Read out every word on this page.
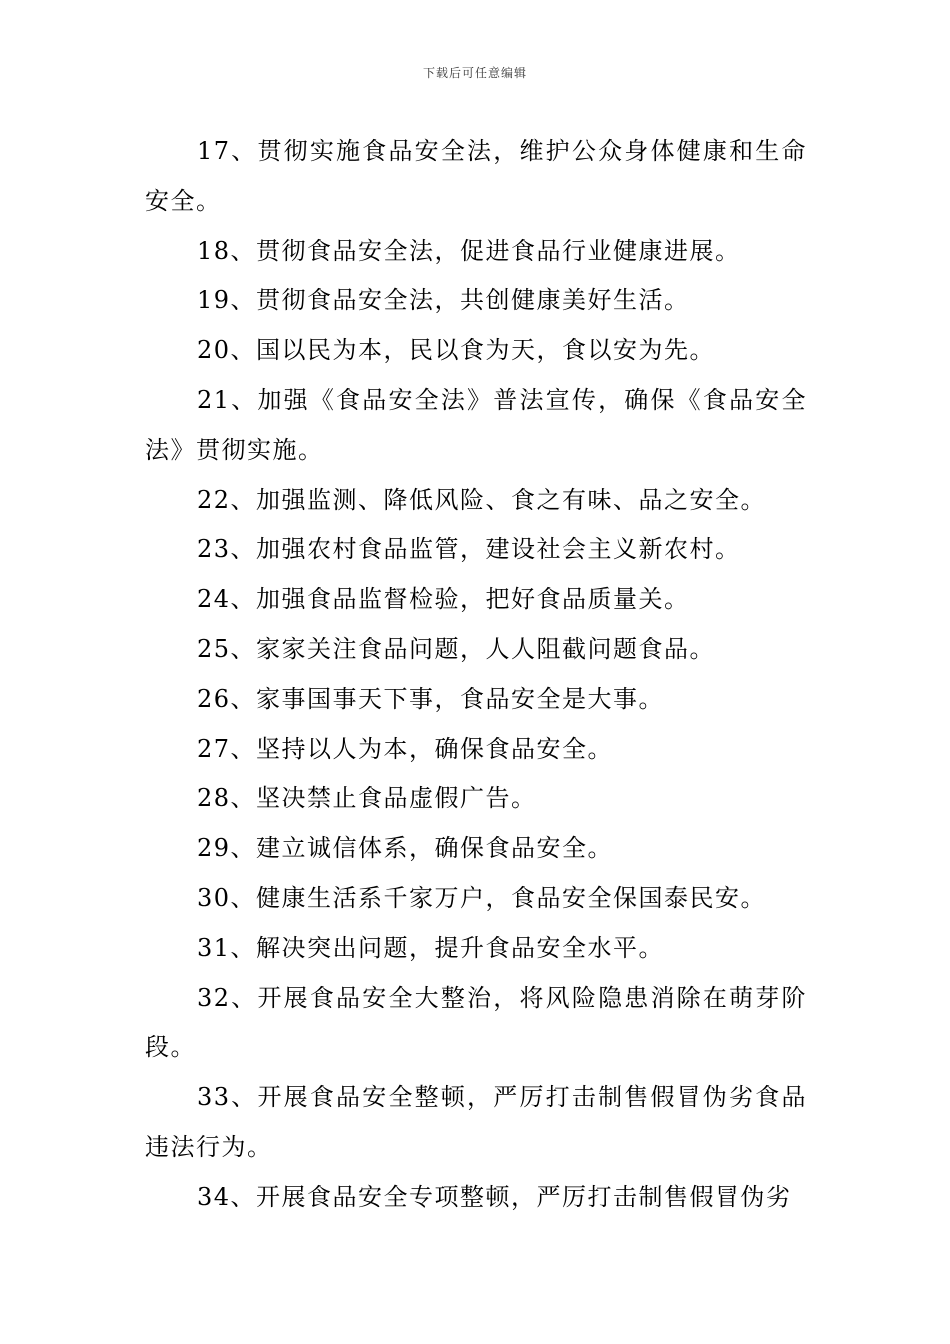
下载后可任意编辑

17、贯彻实施食品安全法，维护公众身体健康和生命安全。

18、贯彻食品安全法，促进食品行业健康进展。

19、贯彻食品安全法，共创健康美好生活。

20、国以民为本，民以食为天，食以安为先。

21、加强《食品安全法》普法宣传，确保《食品安全法》贯彻实施。

22、加强监测、降低风险、食之有味、品之安全。

23、加强农村食品监管，建设社会主义新农村。

24、加强食品监督检验，把好食品质量关。

25、家家关注食品问题，人人阻截问题食品。

26、家事国事天下事，食品安全是大事。

27、坚持以人为本，确保食品安全。

28、坚决禁止食品虚假广告。

29、建立诚信体系，确保食品安全。

30、健康生活系千家万户，食品安全保国泰民安。

31、解决突出问题，提升食品安全水平。

32、开展食品安全大整治，将风险隐患消除在萌芽阶段。

33、开展食品安全整顿，严厉打击制售假冒伪劣食品违法行为。

34、开展食品安全专项整顿，严厉打击制售假冒伪劣
